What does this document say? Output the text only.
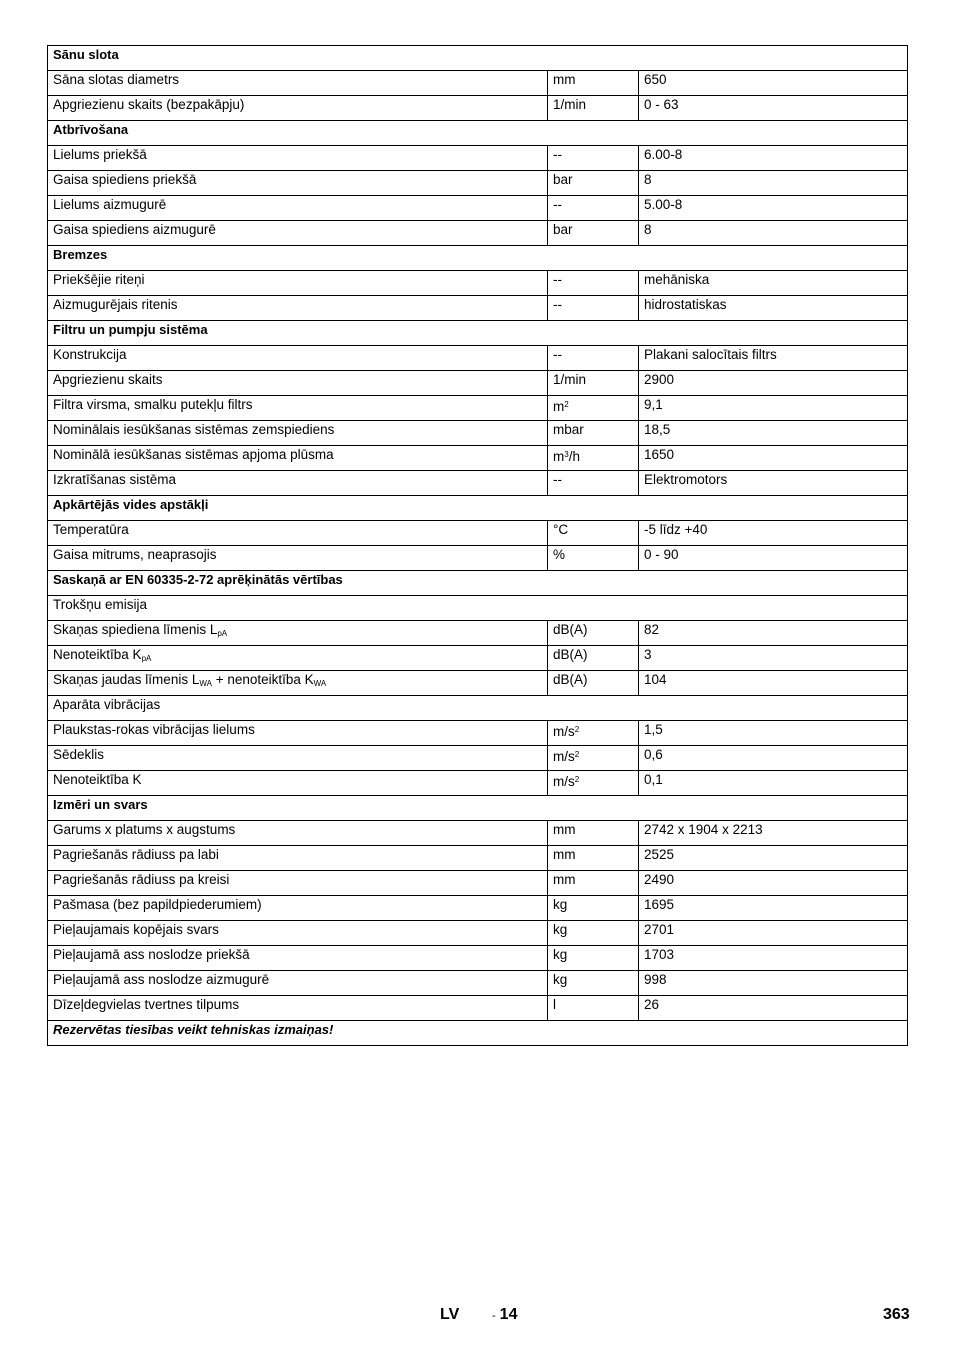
Sānu slota		
Sāna slotas diametrs	mm	650
Apgriezienu skaits (bezpakāpju)	1/min	0 - 63
Atbrīvošana		
Lielums priekšā	--	6.00-8
Gaisa spiediens priekšā	bar	8
Lielums aizmugurē	--	5.00-8
Gaisa spiediens aizmugurē	bar	8
Bremzes		
Priekšējie riteņi	--	mehāniska
Aizmugurējais ritenis	--	hidrostatiskas
Filtru un pumpju sistēma		
Konstrukcija	--	Plakani salocītais filtrs
Apgriezienu skaits	1/min	2900
Filtra virsma, smalku putekļu filtrs	$m^2$	9,1
Nominālais iesūkšanas sistēmas zemspiediens	mbar	18,5
Nominālā iesūkšanas sistēmas apjoma plūsma	$m^3/h$	1650
Izkratīšanas sistēma	--	Elektromotors
Apkārtējās vides apstākļi		
Temperatūra	°C	-5 līdz +40
Gaisa mitrums, neaprasojis	%	0 - 90
Saskaņā ar EN 60335-2-72 aprēķinātās vērtības		
Trokšņu emisija		
Skaņas spiediena līmenis $L_{pA}$	dB(A)	82
Nenoteiktība $K_{pA}$	dB(A)	3
Skaņas jaudas līmenis $L_{WA}$ + nenoteiktība $K_{WA}$	dB(A)	104
Aparāta vibrācijas		
Plaukstas-rokas vibrācijas lielums	$m/s^2$	1,5
Sēdeklis	$m/s^2$	0,6
Nenoteiktība K	$m/s^2$	0,1
Izmēri un svars		
Garums x platums x augstums	mm	2742 x 1904 x 2213
Pagriešanās rādiuss pa labi	mm	2525
Pagriešanās rādiuss pa kreisi	mm	2490
Pašmasa (bez papildpiederumiem)	kg	1695
Pieļaujamais kopējais svars	kg	2701
Pieļaujamā ass noslodze priekšā	kg	1703
Pieļaujamā ass noslodze aizmugurē	kg	998
Dīzeļdegvielas tvertnes tilpums	l	26
Rezervētas tiesības veikt tehniskas izmaiņas!		
LV	- 14	363
